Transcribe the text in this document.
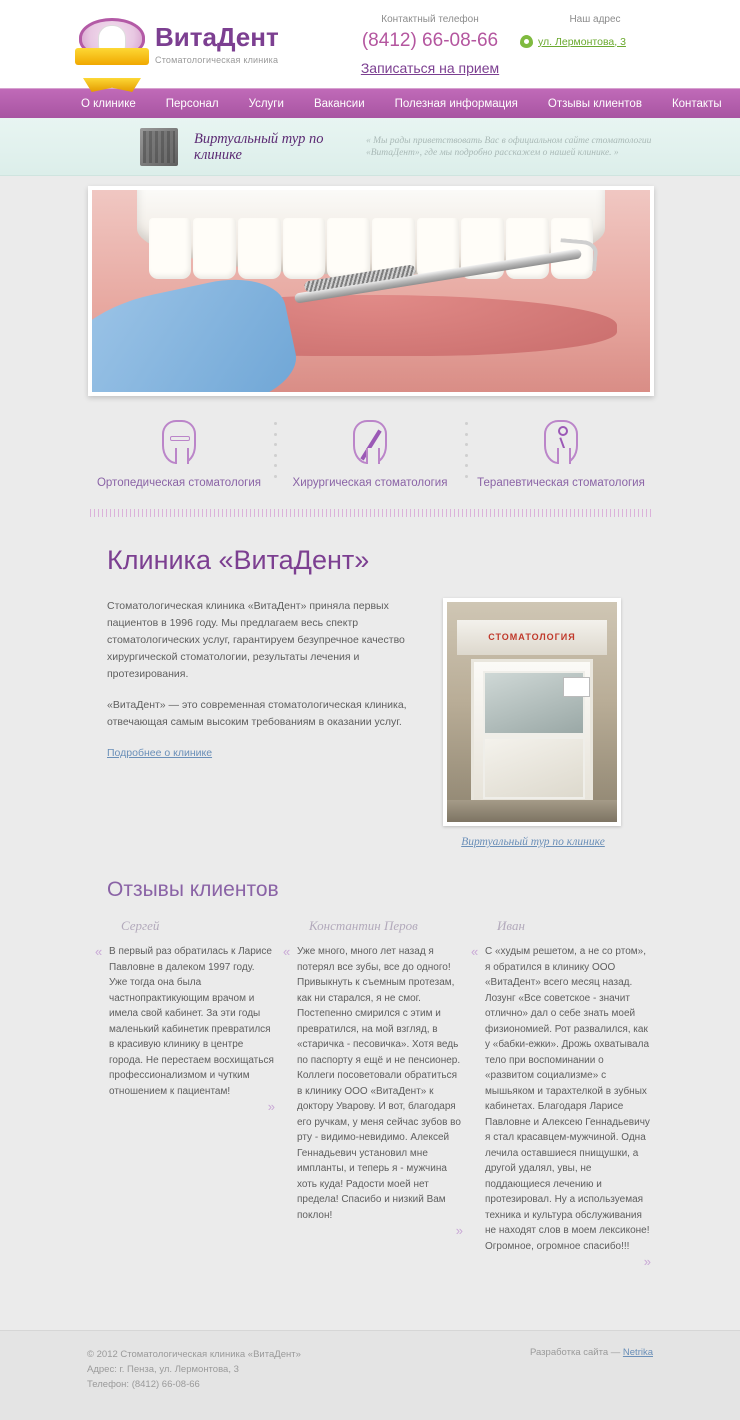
ВитаДент
Стоматологическая клиника
Контактный телефон
(8412) 66-08-66
Записаться на прием
Наш адрес
ул. Лермонтова, 3
О клинике	Персонал	Услуги	Вакансии	Полезная информация	Отзывы клиентов	Контакты
Виртуальный тур по клинике
« Мы рады приветствовать Вас в официальном сайте стоматологии «ВитаДент», где мы подробно расскажем о нашей клинике. »
Ортопедическая стоматология	Хирургическая стоматология	Терапевтическая стоматология
Клиника «ВитаДент»

Стоматологическая клиника «ВитаДент» приняла первых пациентов в 1996 году. Мы предлагаем весь спектр стоматологических услуг, гарантируем безупречное качество хирургической стоматологии, результаты лечения и протезирования.

«ВитаДент» — это современная стоматологическая клиника, отвечающая самым высоким требованиям в оказании услуг.

Подробнее о клинике
СТОМАТОЛОГИЯ
Виртуальный тур по клинике
Отзывы клиентов
Сергей
« В первый раз обратилась к Ларисе Павловне в далеком 1997 году. Уже тогда она была частнопрактикующим врачом и имела свой кабинет. За эти годы маленький кабинетик превратился в красивую клинику в центре города. Не перестаем восхищаться профессионализмом и чутким отношением к пациентам!

»
Константин Перов
« Уже много, много лет назад я потерял все зубы, все до одного! Привыкнуть к съемным протезам, как ни старался, я не смог. Постепенно смирился с этим и превратился, на мой взгляд, в «старичка - песовичка». Хотя ведь по паспорту я ещё и не пенсионер. Коллеги посоветовали обратиться в клинику ООО «ВитаДент» к доктору Уварову. И вот, благодаря его ручкам, у меня сейчас зубов во рту - видимо-невидимо. Алексей Геннадьевич установил мне импланты, и теперь я - мужчина хоть куда! Радости моей нет предела! Спасибо и низкий Вам поклон!

»
Иван
« С «худым решетом, а не со ртом», я обратился в клинику ООО «ВитаДент» всего месяц назад. Лозунг «Все советское - значит отлично» дал о себе знать моей физиономией. Рот развалился, как у «бабки-ежки». Дрожь охватывала тело при воспоминании о «развитом социализме» с мышьяком и тарахтелкой в зубных кабинетах. Благодаря Ларисе Павловне и Алексею Геннадьевичу я стал красавцем-мужчиной. Одна лечила оставшиеся пнищушки, а другой удалял, увы, не поддающиеся лечению и протезировал. Ну а используемая техника и культура обслуживания не находят слов в моем лексиконе! Огромное, огромное спасибо!!!

»
© 2012 Стоматологическая клиника «ВитаДент»
Адрес: г. Пенза, ул. Лермонтова, 3
Телефон: (8412) 66-08-66
Разработка сайта — Netrika
